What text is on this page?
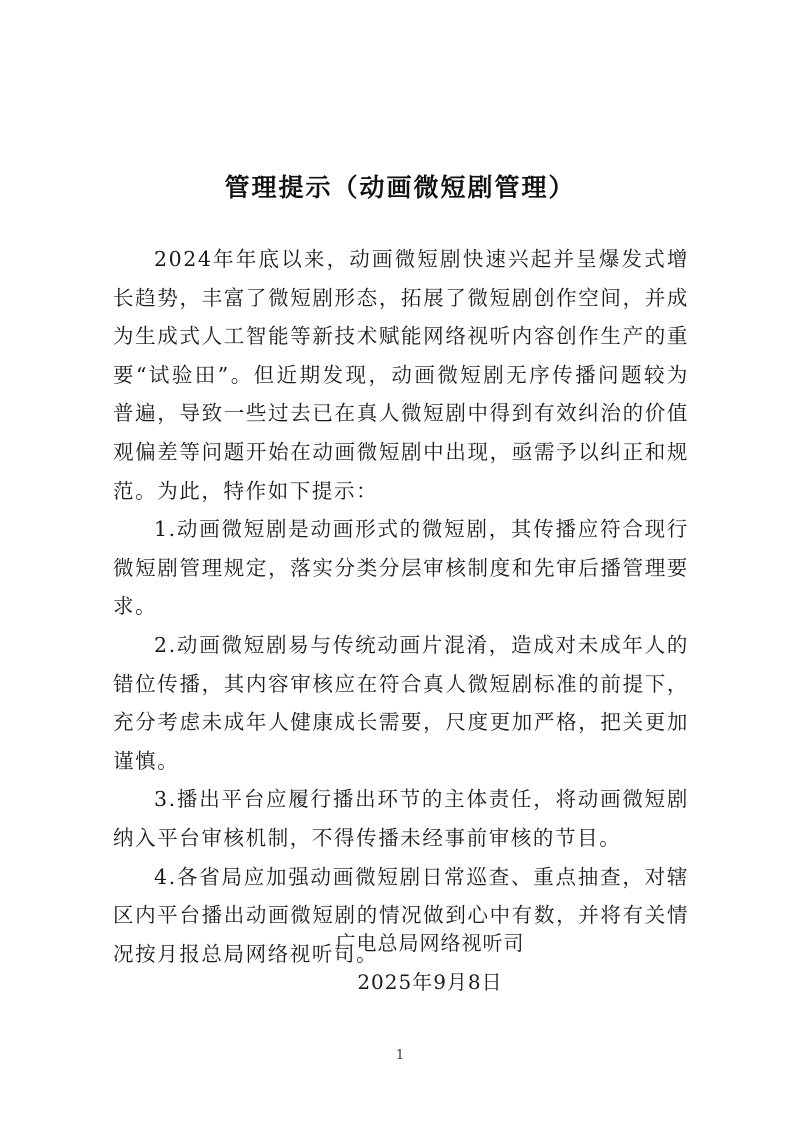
管理提示（动画微短剧管理）

2024年年底以来，动画微短剧快速兴起并呈爆发式增长趋势，丰富了微短剧形态，拓展了微短剧创作空间，并成为生成式人工智能等新技术赋能网络视听内容创作生产的重要“试验田”。但近期发现，动画微短剧无序传播问题较为普遍，导致一些过去已在真人微短剧中得到有效纠治的价值观偏差等问题开始在动画微短剧中出现，亟需予以纠正和规范。为此，特作如下提示：

1.动画微短剧是动画形式的微短剧，其传播应符合现行微短剧管理规定，落实分类分层审核制度和先审后播管理要求。

2.动画微短剧易与传统动画片混淆，造成对未成年人的错位传播，其内容审核应在符合真人微短剧标准的前提下，充分考虑未成年人健康成长需要，尺度更加严格，把关更加谨慎。

3.播出平台应履行播出环节的主体责任，将动画微短剧纳入平台审核机制，不得传播未经事前审核的节目。

4.各省局应加强动画微短剧日常巡查、重点抽查，对辖区内平台播出动画微短剧的情况做到心中有数，并将有关情况按月报总局网络视听司。

广电总局网络视听司
2025年9月8日
1
